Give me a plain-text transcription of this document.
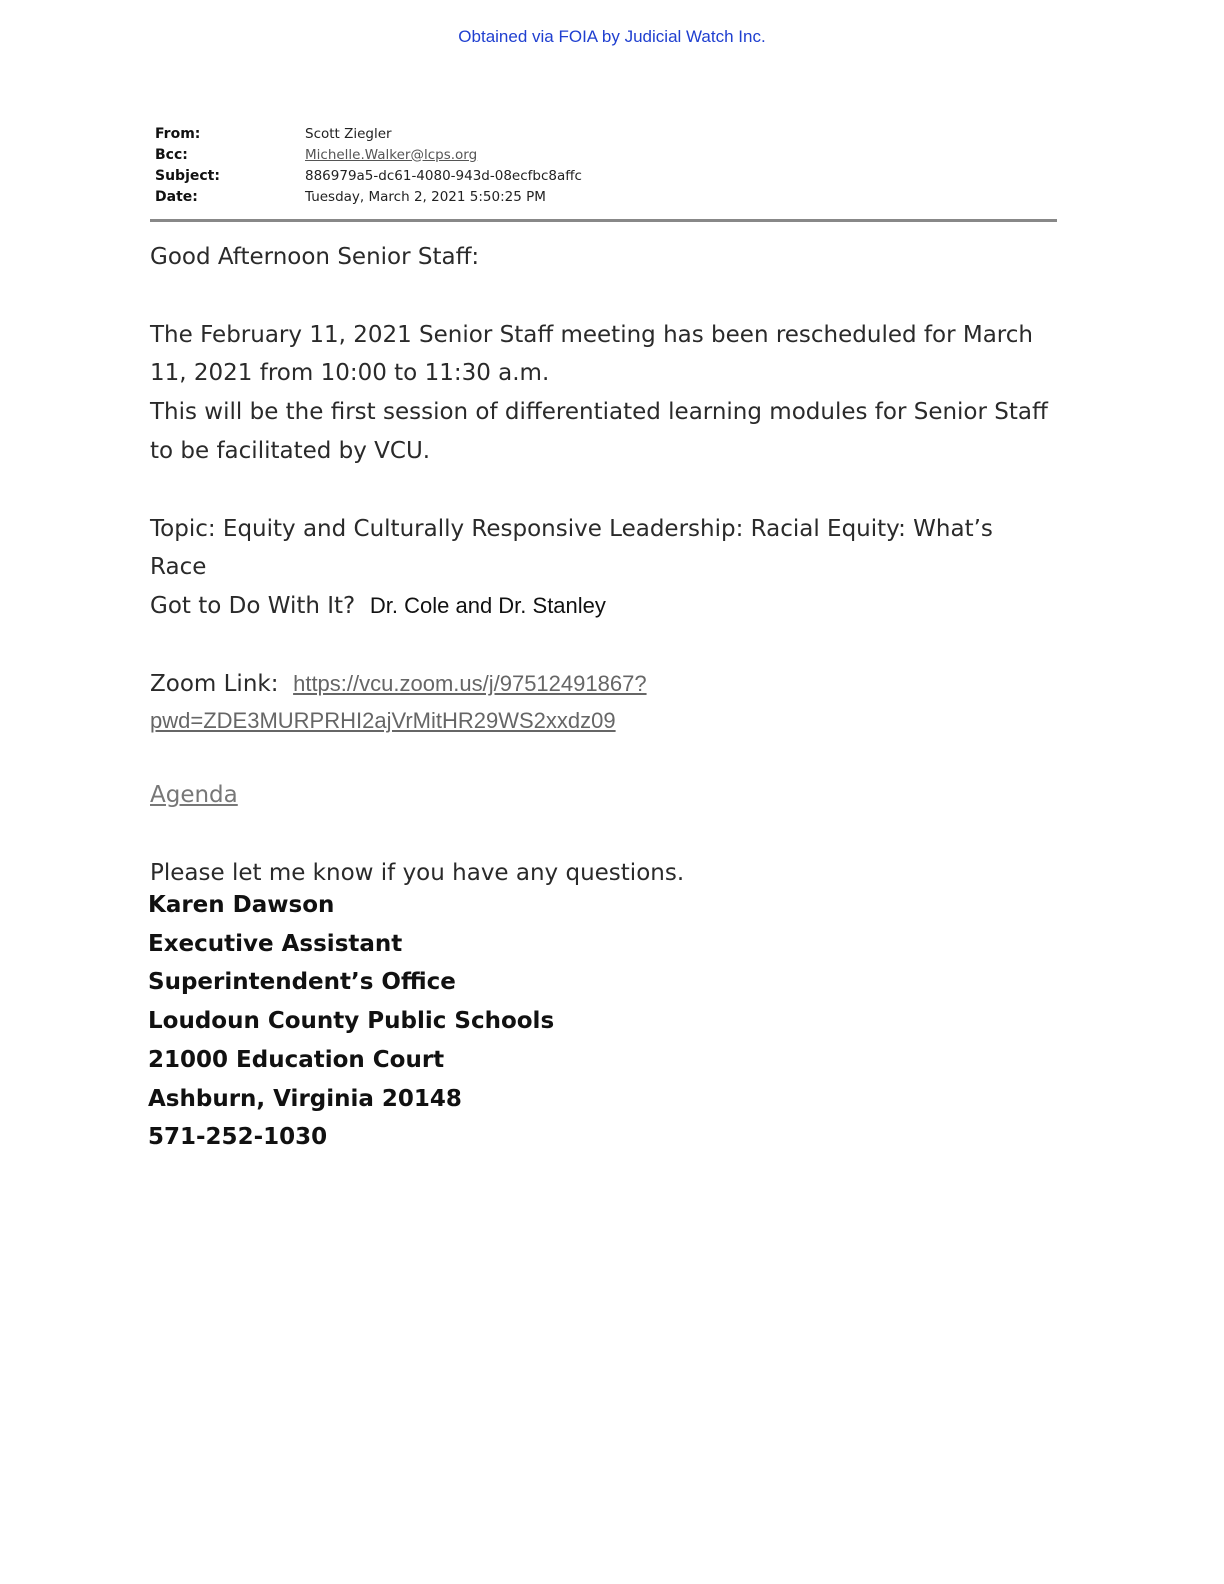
Obtained via FOIA by Judicial Watch Inc.
From:	Scott Ziegler
Bcc:	Michelle.Walker@lcps.org
Subject:	886979a5-dc61-4080-943d-08ecfbc8affc
Date:	Tuesday, March 2, 2021 5:50:25 PM

Good Afternoon Senior Staff:

The February 11, 2021 Senior Staff meeting has been rescheduled for March

11, 2021 from 10:00 to 11:30 a.m.

This will be the first session of differentiated learning modules for Senior Staff

to be facilitated by VCU.

Topic: Equity and Culturally Responsive Leadership: Racial Equity: What’s Race

Got to Do With It? Dr. Cole and Dr. Stanley

Zoom Link: https://vcu.zoom.us/j/97512491867?

pwd=ZDE3MURPRHI2ajVrMitHR29WS2xxdz09

Agenda

Please let me know if you have any questions.

Karen Dawson
Executive Assistant
Superintendent’s Office
Loudoun County Public Schools
21000 Education Court
Ashburn, Virginia 20148
571-252-1030
